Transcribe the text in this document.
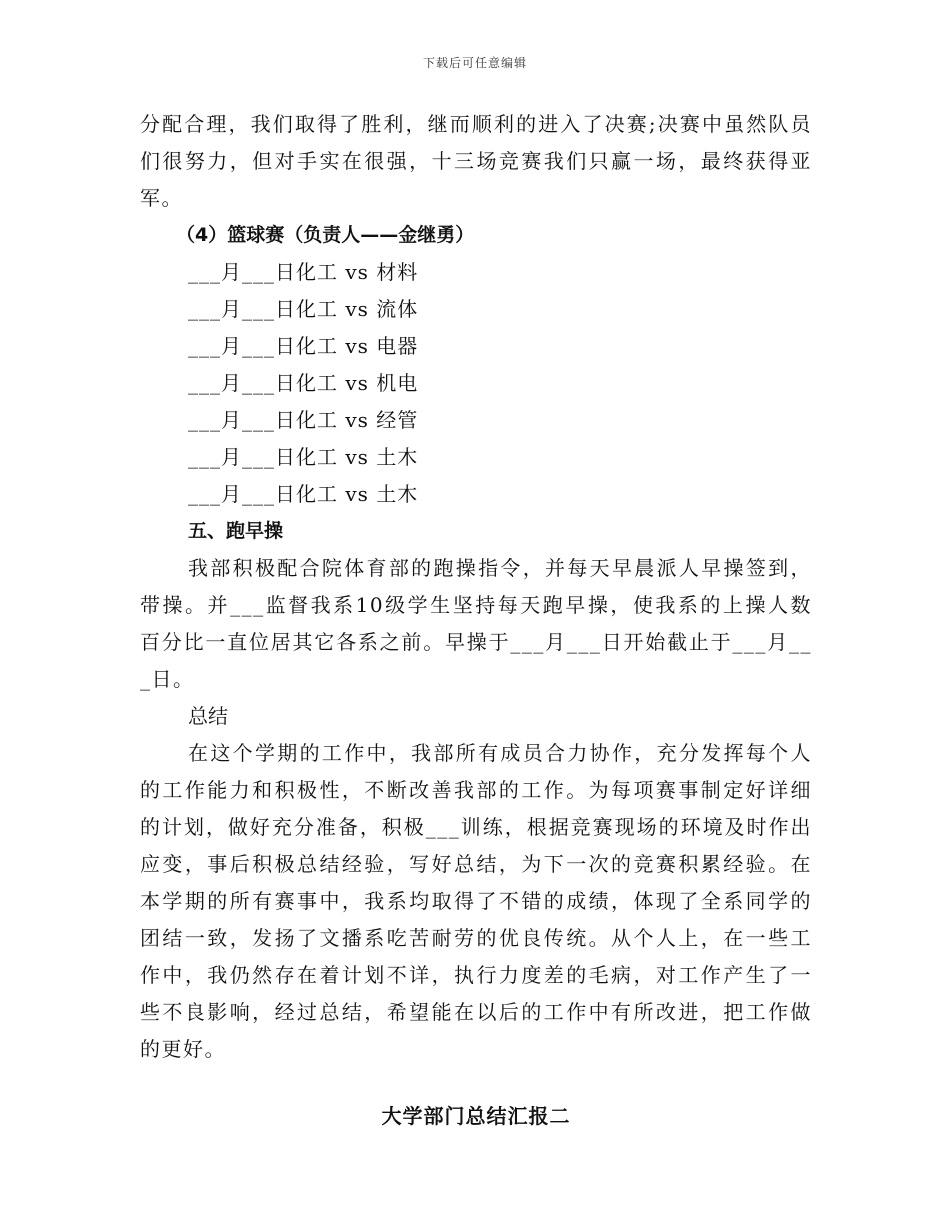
下载后可任意编辑
分配合理，我们取得了胜利，继而顺利的进入了决赛;决赛中虽然队员
们很努力，但对手实在很强，十三场竞赛我们只赢一场，最终获得亚
军。
（4）篮球赛（负责人——金继勇）
___月___日化工 vs 材料
___月___日化工 vs 流体
___月___日化工 vs 电器
___月___日化工 vs 机电
___月___日化工 vs 经管
___月___日化工 vs 土木
___月___日化工 vs 土木
五、跑早操
我部积极配合院体育部的跑操指令，并每天早晨派人早操签到，
带操。并___监督我系10级学生坚持每天跑早操，使我系的上操人数
百分比一直位居其它各系之前。早操于___月___日开始截止于___月__
_日。
总结
在这个学期的工作中，我部所有成员合力协作，充分发挥每个人
的工作能力和积极性，不断改善我部的工作。为每项赛事制定好详细
的计划，做好充分准备，积极___训练，根据竞赛现场的环境及时作出
应变，事后积极总结经验，写好总结，为下一次的竞赛积累经验。在
本学期的所有赛事中，我系均取得了不错的成绩，体现了全系同学的
团结一致，发扬了文播系吃苦耐劳的优良传统。从个人上，在一些工
作中，我仍然存在着计划不详，执行力度差的毛病，对工作产生了一
些不良影响，经过总结，希望能在以后的工作中有所改进，把工作做
的更好。
大学部门总结汇报二
